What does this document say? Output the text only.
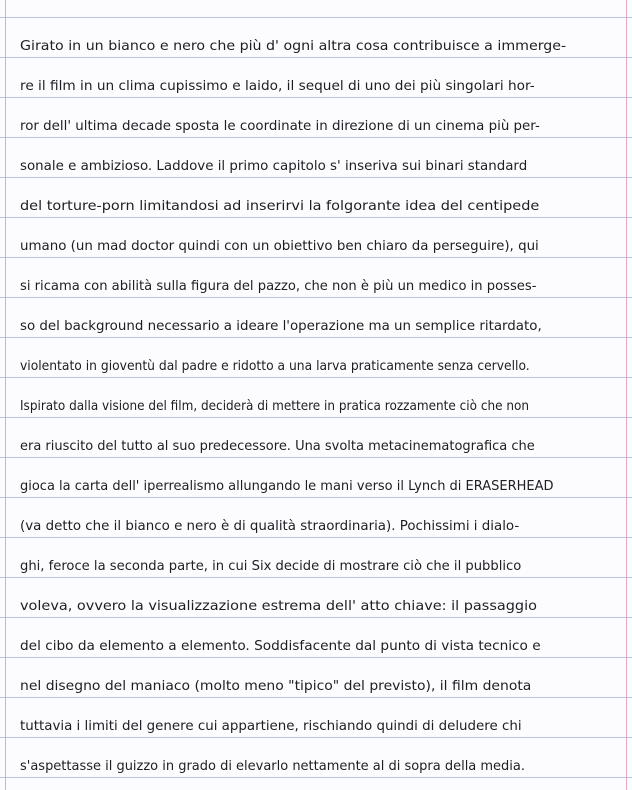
Girato in un bianco e nero che più d' ogni altra cosa contribuisce a immerge-
re il film in un clima cupissimo e laido, il sequel di uno dei più singolari hor-
ror dell' ultima decade sposta le coordinate in direzione di un cinema più per-
sonale e ambizioso. Laddove il primo capitolo s' inseriva sui binari standard
del torture-porn limitandosi ad inserirvi la folgorante idea del centipede
umano (un mad doctor quindi con un obiettivo ben chiaro da perseguire), qui
si ricama con abilità sulla figura del pazzo, che non è più un medico in posses-
so del background necessario a ideare l'operazione ma un semplice ritardato,
violentato in gioventù dal padre e ridotto a una larva praticamente senza cervello.
Ispirato dalla visione del film, deciderà di mettere in pratica rozzamente ciò che non
era riuscito del tutto al suo predecessore. Una svolta metacinematografica che
gioca la carta dell' iperrealismo allungando le mani verso il Lynch di ERASERHEAD
(va detto che il bianco e nero è di qualità straordinaria). Pochissimi i dialo-
ghi, feroce la seconda parte, in cui Six decide di mostrare ciò che il pubblico
voleva, ovvero la visualizzazione estrema dell' atto chiave: il passaggio
del cibo da elemento a elemento. Soddisfacente dal punto di vista tecnico e
nel disegno del maniaco (molto meno "tipico" del previsto), il film denota
tuttavia i limiti del genere cui appartiene, rischiando quindi di deludere chi
s'aspettasse il guizzo in grado di elevarlo nettamente al di sopra della media.
